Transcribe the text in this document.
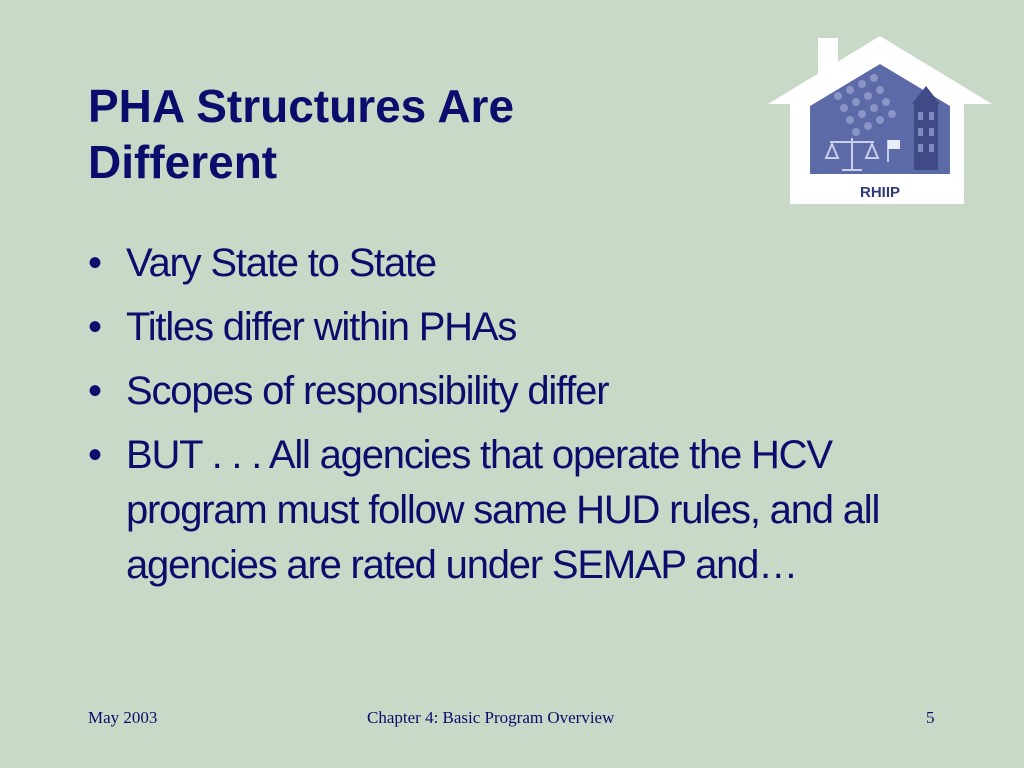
PHA Structures Are Different
RHIIP
• Vary State to State
• Titles differ within PHAs
• Scopes of responsibility differ
• BUT . . . All agencies that operate the HCV program must follow same HUD rules, and all agencies are rated under SEMAP and…
May 2003	Chapter 4: Basic Program Overview	5
